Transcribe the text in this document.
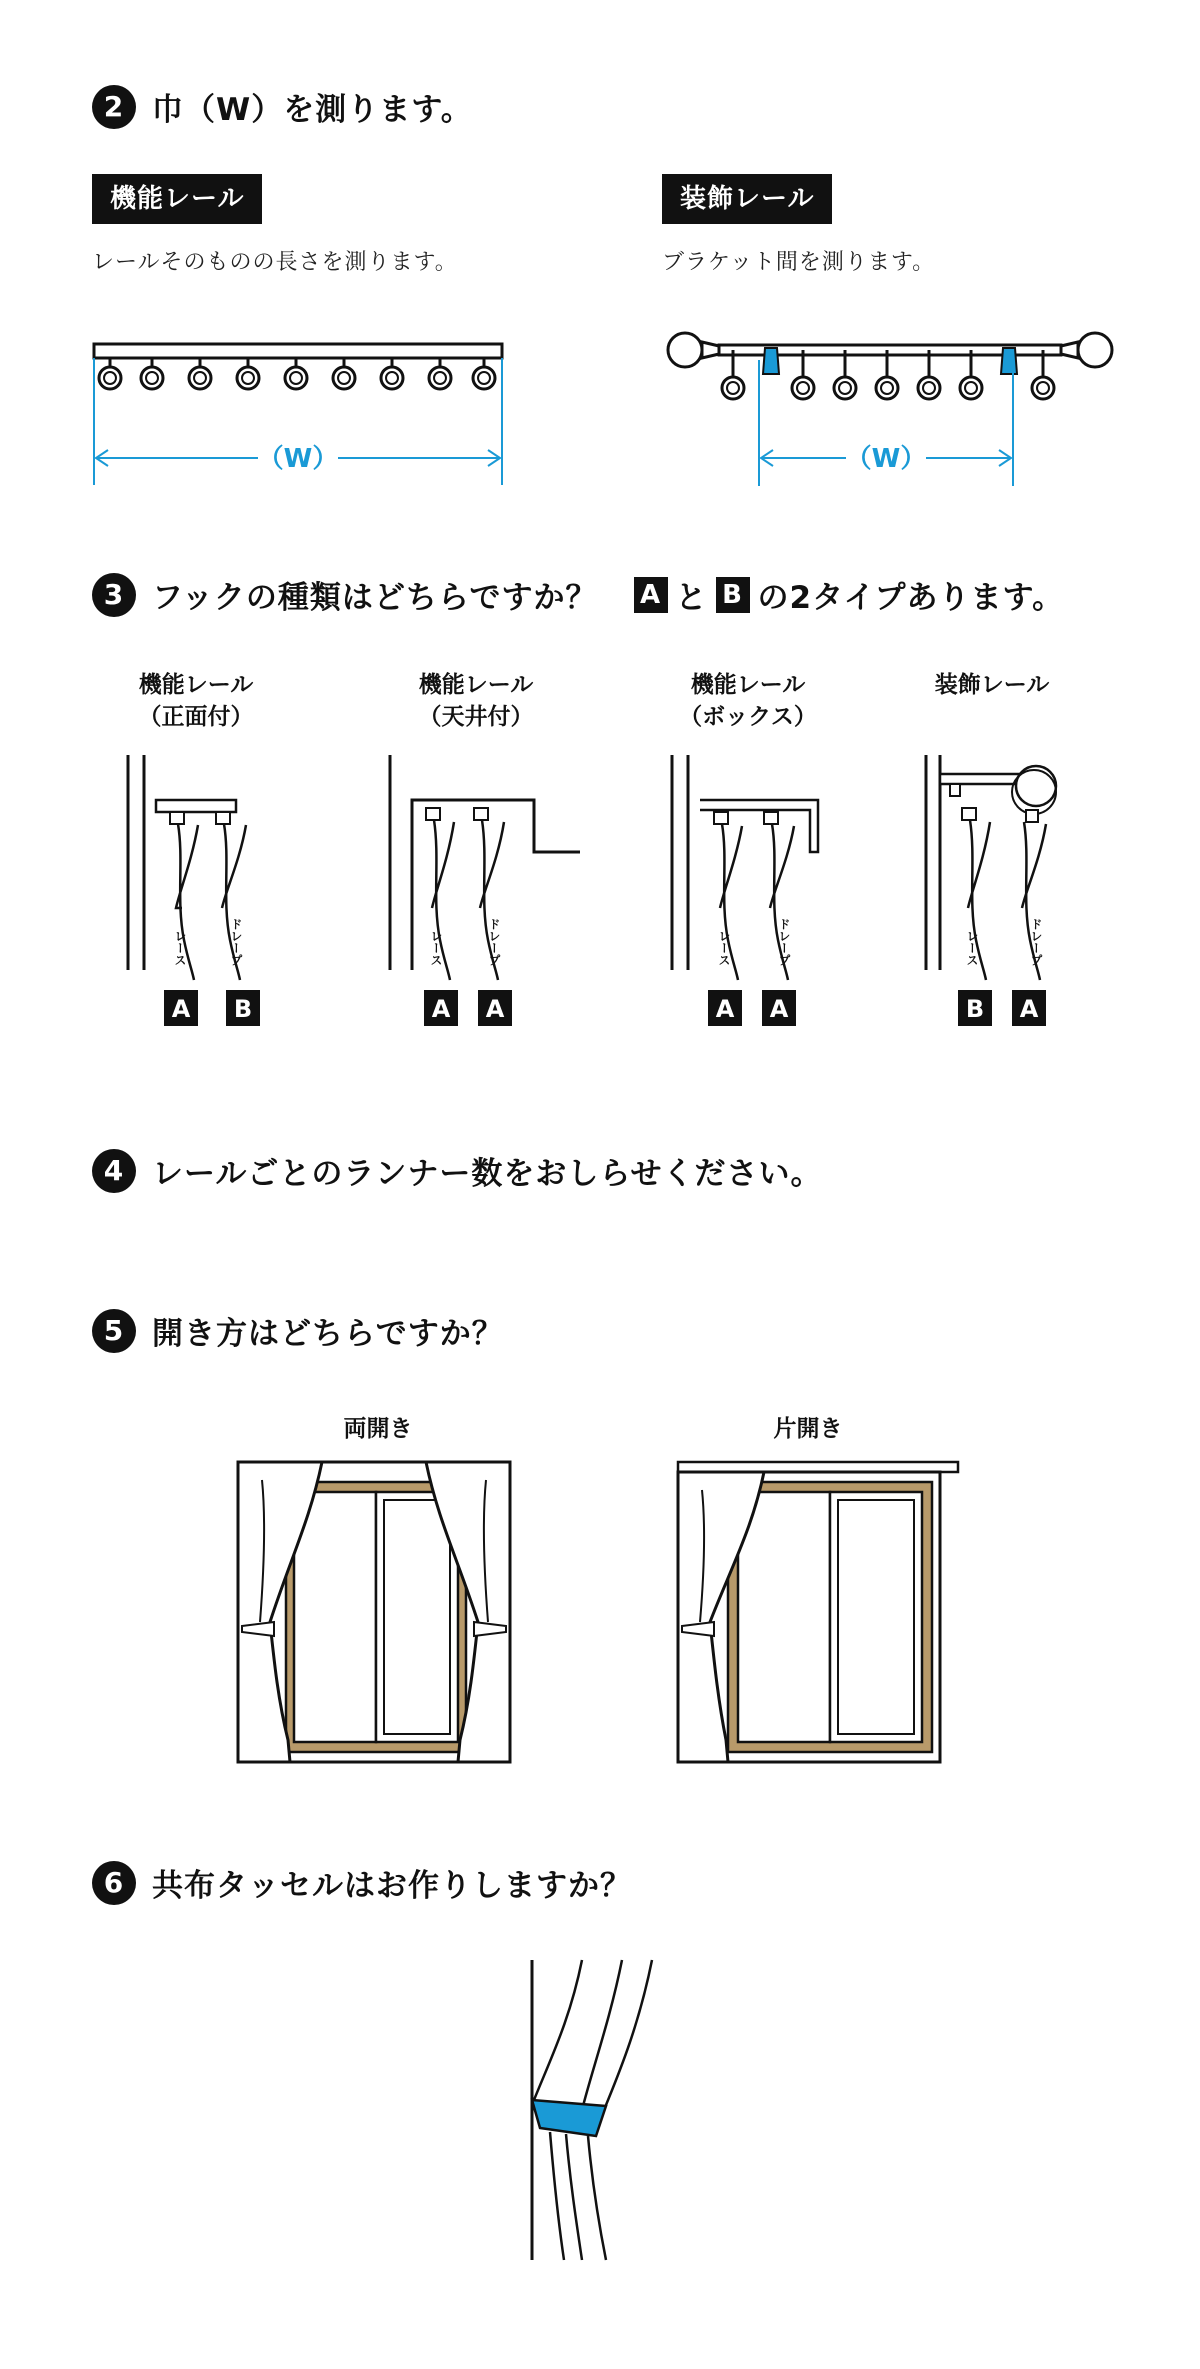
2 巾（W）を測ります。
機能レール
レールそのものの長さを測ります。
装飾レール
ブラケット間を測ります。
（W）	（W）
3 フックの種類はどちらですか？ A と B の2タイプあります。
機能レール
（正面付）
レース	ドレープ
A B
機能レール
（天井付）
レース	ドレープ
A A
機能レール
（ボックス）
レース	ドレープ
A A
装飾レール
レース	ドレープ
B A
4 レールごとのランナー数をおしらせください。
5 開き方はどちらですか？
両開き	片開き
6 共布タッセルはお作りしますか？
